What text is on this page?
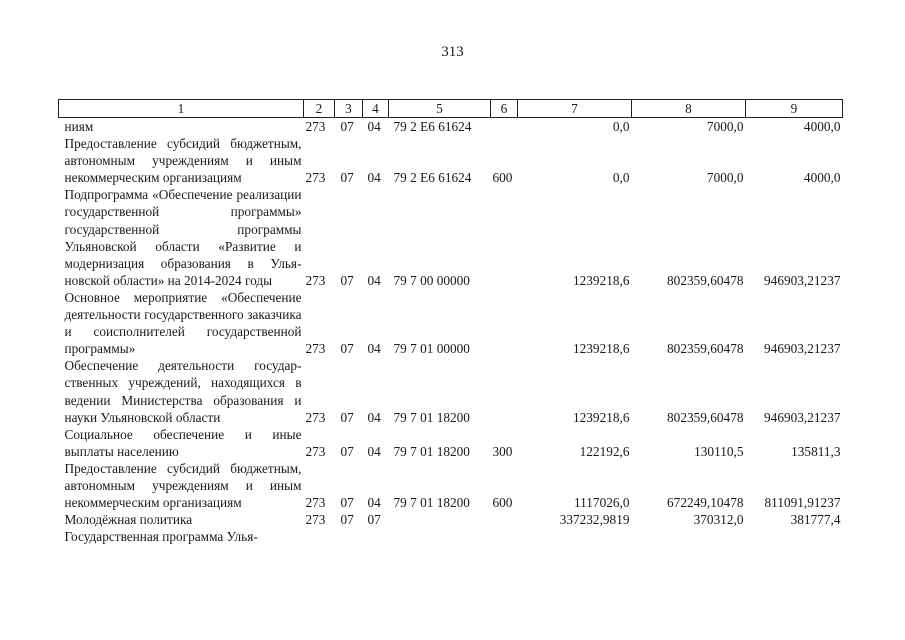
313
1	2	3	4	5	6	7	8	9
ниям	273	07	04	79 2 Е6 61624		0,0	7000,0	4000,0
Предоставление субсидий бюджетным, автономным учреждениям и иным некоммерческим организациям	273	07	04	79 2 Е6 61624	600	0,0	7000,0	4000,0
Подпрограмма «Обеспечение реализации государственной программы» государственной программы Ульяновской области «Развитие и модернизация образования в Ульяновской области» на 2014-2024 годы	273	07	04	79 7 00 00000		1239218,6	802359,60478	946903,21237
Основное мероприятие «Обеспечение деятельности государственного заказчика и соисполнителей государственной программы»	273	07	04	79 7 01 00000		1239218,6	802359,60478	946903,21237
Обеспечение деятельности государственных учреждений, находящихся в ведении Министерства образования и науки Ульяновской области	273	07	04	79 7 01 18200		1239218,6	802359,60478	946903,21237
Социальное обеспечение и иные выплаты населению	273	07	04	79 7 01 18200	300	122192,6	130110,5	135811,3
Предоставление субсидий бюджетным, автономным учреждениям и иным некоммерческим организациям	273	07	04	79 7 01 18200	600	1117026,0	672249,10478	811091,91237
Молодёжная политика	273	07	07			337232,9819	370312,0	381777,4
Государственная программа Улья-								
